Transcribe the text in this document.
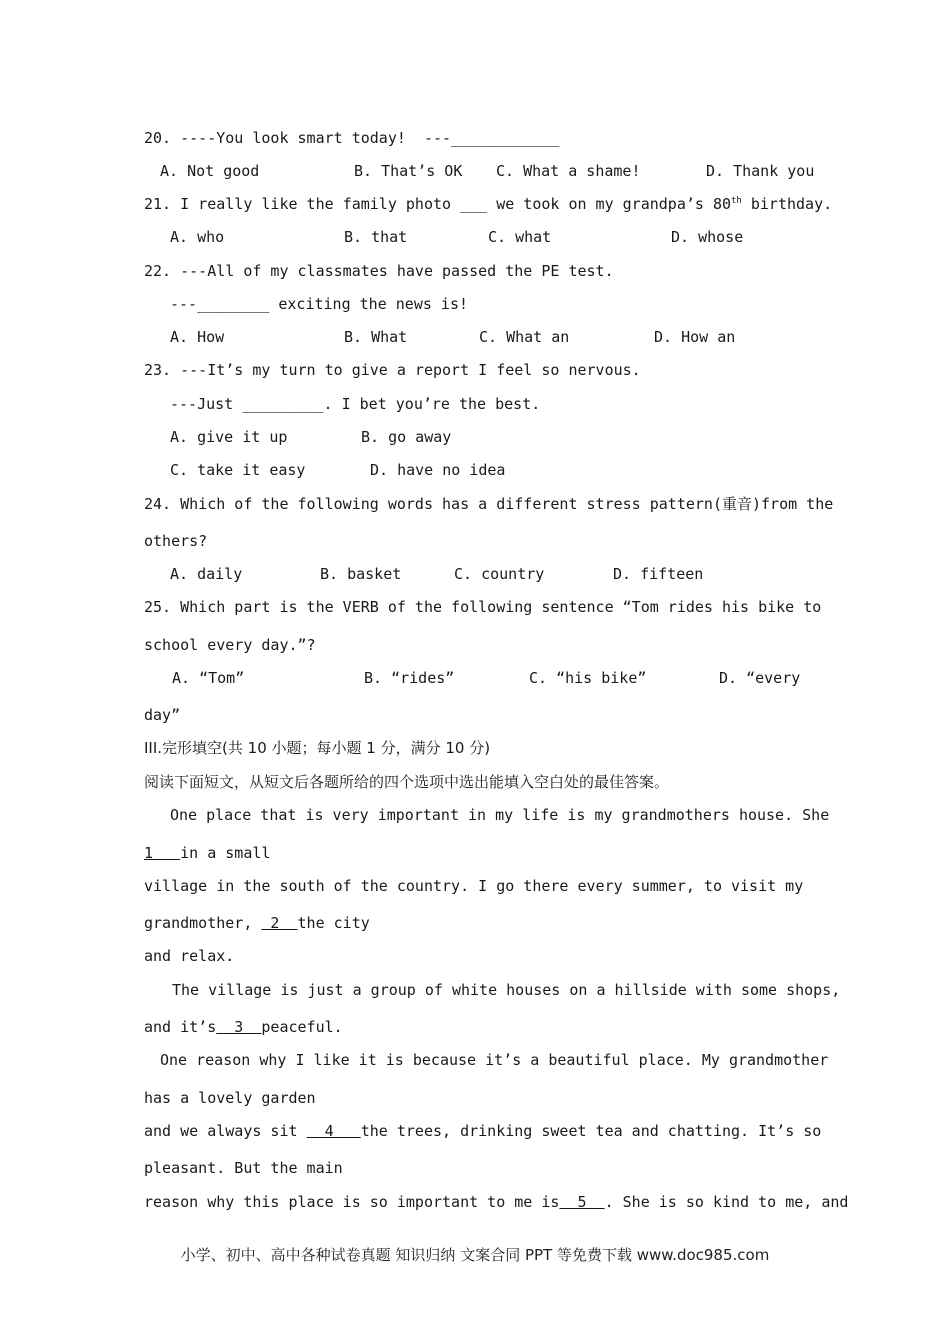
20. ----You look smart today!  ---____________
A. Not good	B. That’s OK C. What a shame!	D. Thank you
21. I really like the family photo ___ we took on my grandpa’s 80th birthday.
A. who	B. that	C. what	D. whose
22. ---All of my classmates have passed the PE test.
---________ exciting the news is!
A. How	B. What	C. What an	D. How an
23. ---It’s my turn to give a report I feel so nervous.
---Just _________. I bet you’re the best.
A. give it up	B. go away
C. take it easy	D. have no idea
24. Which of the following words has a different stress pattern(重音)from the
others?
A. daily	B. basket	C. country	D. fifteen
25. Which part is the VERB of the following sentence “Tom rides his bike to
school every day.”?
A. “Tom”	B. “rides”	C. “his bike”	D. “every
day”
III.完形填空(共 10 小题；每小题 1 分，满分 10 分)
阅读下面短文，从短文后各题所给的四个选项中选出能填入空白处的最佳答案。
One place that is very important in my life is my grandmothers house. She
1   in a small
village in the south of the country. I go there every summer, to visit my
grandmother,  2  the city
and relax.
The village is just a group of white houses on a hillside with some shops,
and it’s  3  peaceful.
One reason why I like it is because it’s a beautiful place. My grandmother
has a lovely garden
and we always sit   4   the trees, drinking sweet tea and chatting. It’s so
pleasant. But the main
reason why this place is so important to me is  5  . She is so kind to me, and
小学、初中、高中各种试卷真题 知识归纳 文案合同 PPT 等免费下载 www.doc985.com
